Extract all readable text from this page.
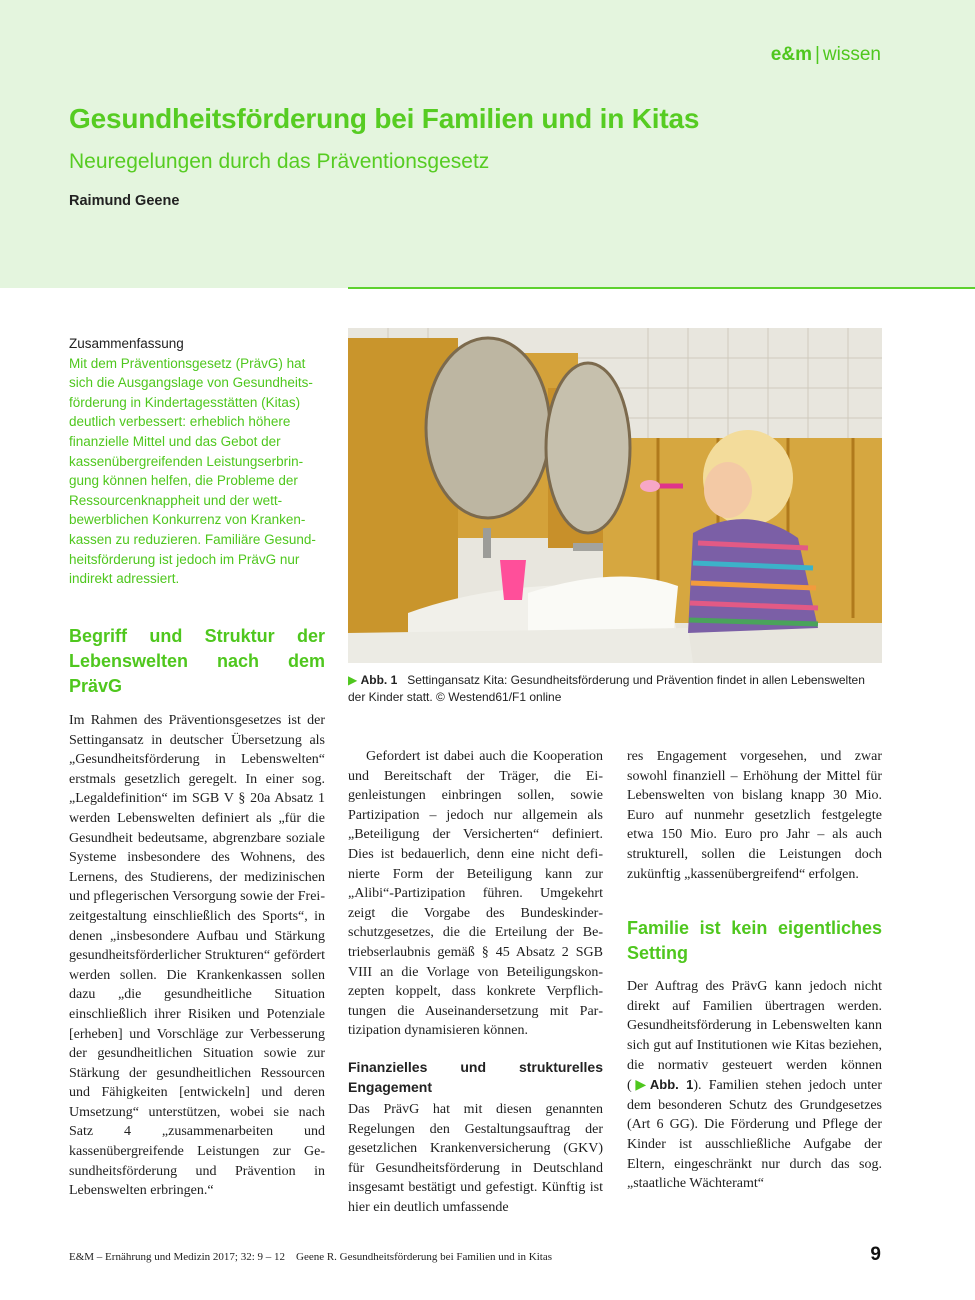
e&m | wissen
Gesundheitsförderung bei Familien und in Kitas
Neuregelungen durch das Präventionsgesetz
Raimund Geene
Zusammenfassung
Mit dem Präventionsgesetz (PrävG) hat sich die Ausgangslage von Gesundheitsförderung in Kindertagesstätten (Kitas) deutlich verbessert: erheblich höhere finanzielle Mittel und das Gebot der kassenübergreifenden Leistungserbringung können helfen, die Probleme der Ressourcenknappheit und der wettbewerblichen Konkurrenz von Krankenkassen zu reduzieren. Familiäre Gesundheitsförderung ist jedoch im PrävG nur indirekt adressiert.
Begriff und Struktur der Lebenswelten nach dem PrävG

Im Rahmen des Präventionsgesetzes ist der Settingansatz in deutscher Übersetzung als „Gesundheitsförderung in Lebenswelten“ erstmals gesetzlich geregelt. In einer sog. „Legaldefinition“ im SGB V § 20a Absatz 1 werden Lebenswelten definiert als „für die Gesundheit bedeutsame, abgrenzbare soziale Systeme insbesondere des Wohnens, des Lernens, des Studierens, der medizinischen und pflegerischen Versorgung sowie der Freizeitgestaltung einschließlich des Sports“, in denen „insbesondere Aufbau und Stärkung gesundheitsförderlicher Strukturen“ gefördert werden sollen. Die Krankenkassen sollen dazu „die gesundheitliche Situation einschließlich ihrer Risiken und Potenziale [erheben] und Vorschläge zur Verbesserung der gesundheitlichen Situation sowie zur Stärkung der gesundheitlichen Ressourcen und Fähigkeiten [entwickeln] und deren Umsetzung“ unterstützen, wobei sie nach Satz 4 „zusammenarbeiten und kassenübergreifende Leistungen zur Gesundheitsförderung und Prävention in Lebenswelten erbringen.“

▶ Abb. 1 Settingansatz Kita: Gesundheitsförderung und Prävention findet in allen Lebenswelten der Kinder statt. © Westend61/F1 online

Gefordert ist dabei auch die Kooperation und Bereitschaft der Träger, die Eigenleistungen einbringen sollen, sowie Partizipation – jedoch nur allgemein als „Beteiligung der Versicherten“ definiert. Dies ist bedauerlich, denn eine nicht definierte Form der Beteiligung kann zur „Alibi“-Partizipation führen. Umgekehrt zeigt die Vorgabe des Bundeskinderschutzgesetzes, die die Erteilung der Betriebserlaubnis gemäß § 45 Absatz 2 SGB VIII an die Vorlage von Beteiligungskonzepten koppelt, dass konkrete Verpflichtungen die Auseinandersetzung mit Partizipation dynamisieren können.

Finanzielles und strukturelles Engagement

Das PrävG hat mit diesen genannten Regelungen den Gestaltungsauftrag der gesetzlichen Krankenversicherung (GKV) für Gesundheitsförderung in Deutschland insgesamt bestätigt und gefestigt. Künftig ist hier ein deutlich umfassende

res Engagement vorgesehen, und zwar sowohl finanziell – Erhöhung der Mittel für Lebenswelten von bislang knapp 30 Mio. Euro auf nunmehr gesetzlich festgelegte etwa 150 Mio. Euro pro Jahr – als auch strukturell, sollen die Leistungen doch zukünftig „kassenübergreifend“ erfolgen.

Familie ist kein eigentliches Setting

Der Auftrag des PrävG kann jedoch nicht direkt auf Familien übertragen werden. Gesundheitsförderung in Lebenswelten kann sich gut auf Institutionen wie Kitas beziehen, die normativ gesteuert werden können (▶Abb. 1). Familien stehen jedoch unter dem besonderen Schutz des Grundgesetzes (Art 6 GG). Die Förderung und Pflege der Kinder ist ausschließliche Aufgabe der Eltern, eingeschränkt nur durch das sog. „staatliche Wächteramt“

E&M – Ernährung und Medizin 2017; 32: 9 – 12    Geene R. Gesundheitsförderung bei Familien und in Kitas	9
